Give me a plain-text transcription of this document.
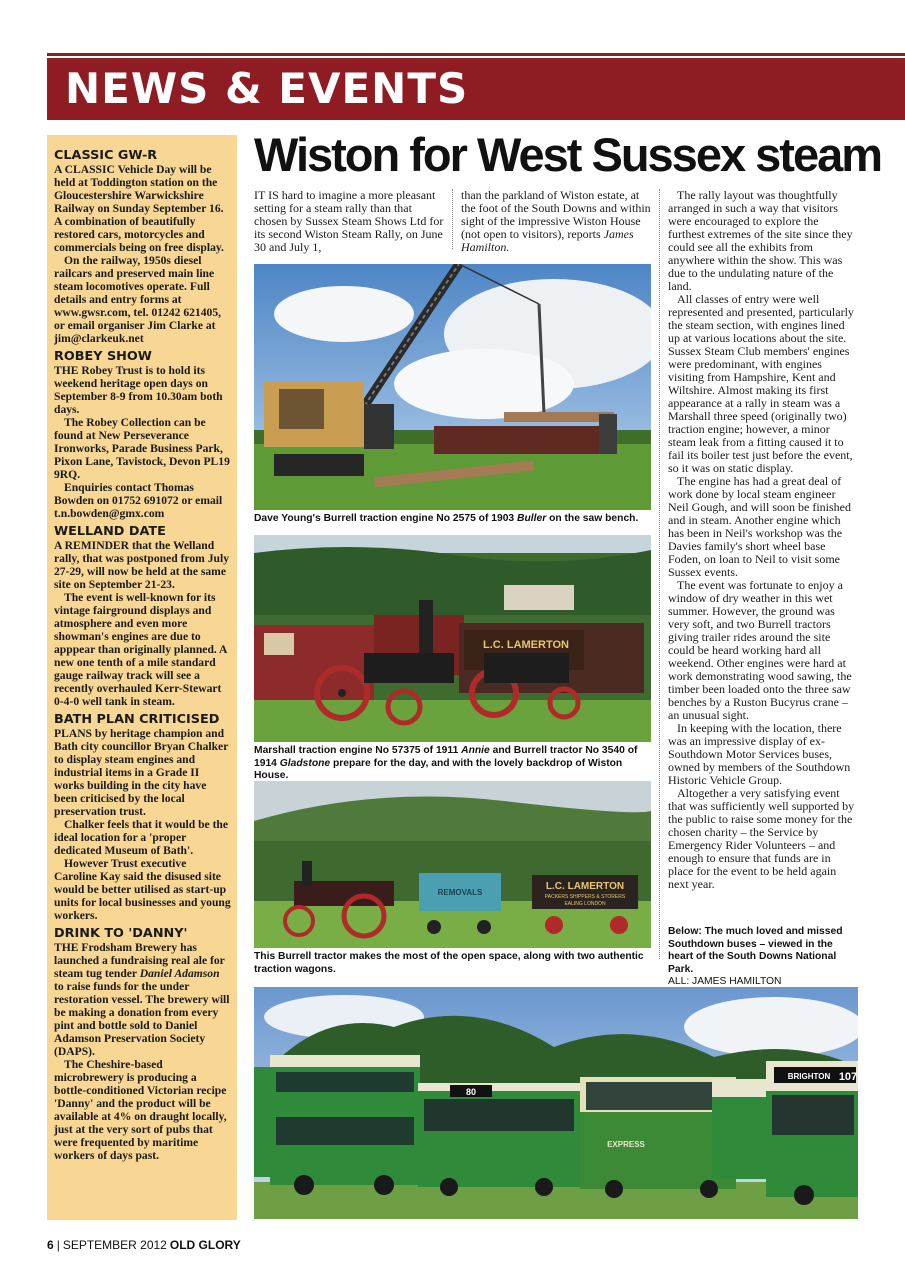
NEWS & EVENTS
CLASSIC GW-R

A CLASSIC Vehicle Day will be held at Toddington station on the Gloucestershire Warwickshire Railway on Sunday September 16.

A combination of beautifully restored cars, motorcycles and commercials being on free display.

On the railway, 1950s diesel railcars and preserved main line steam locomotives operate. Full details and entry forms at www.gwsr.com, tel. 01242 621405, or email organiser Jim Clarke at jim@clarkeuk.net

ROBEY SHOW

THE Robey Trust is to hold its weekend heritage open days on September 8-9 from 10.30am both days.

The Robey Collection can be found at New Perseverance Ironworks, Parade Business Park, Pixon Lane, Tavistock, Devon PL19 9RQ.

Enquiries contact Thomas Bowden on 01752 691072 or email t.n.bowden@gmx.com

WELLAND DATE

A REMINDER that the Welland rally, that was postponed from July 27-29, will now be held at the same site on September 21-23.

The event is well-known for its vintage fairground displays and atmosphere and even more showman's engines are due to apppear than originally planned. A new one tenth of a mile standard gauge railway track will see a recently overhauled Kerr-Stewart 0-4-0 well tank in steam.

BATH PLAN CRITICISED

PLANS by heritage champion and Bath city councillor Bryan Chalker to display steam engines and industrial items in a Grade II works building in the city have been criticised by the local preservation trust.

Chalker feels that it would be the ideal location for a 'proper dedicated Museum of Bath'.

However Trust executive Caroline Kay said the disused site would be better utilised as start-up units for local businesses and young workers.

DRINK TO 'DANNY'

THE Frodsham Brewery has launched a fundraising real ale for steam tug tender Daniel Adamson to raise funds for the under restoration vessel. The brewery will be making a donation from every pint and bottle sold to Daniel Adamson Preservation Society (DAPS).

The Cheshire-based microbrewery is producing a bottle-conditioned Victorian recipe 'Danny' and the product will be available at 4% on draught locally, just at the very sort of pubs that were frequented by maritime workers of days past.

Wiston for West Sussex steam
IT IS hard to imagine a more pleasant setting for a steam rally than that chosen by Sussex Steam Shows Ltd for its second Wiston Steam Rally, on June 30 and July 1,
than the parkland of Wiston estate, at the foot of the South Downs and within sight of the impressive Wiston House (not open to visitors), reports James Hamilton.

The rally layout was thoughtfully arranged in such a way that visitors were encouraged to explore the furthest extremes of the site since they could see all the exhibits from anywhere within the show. This was due to the undulating nature of the land.

All classes of entry were well represented and presented, particularly the steam section, with engines lined up at various locations about the site. Sussex Steam Club members' engines were predominant, with engines visiting from Hampshire, Kent and Wiltshire. Almost making its first appearance at a rally in steam was a Marshall three speed (originally two) traction engine; however, a minor steam leak from a fitting caused it to fail its boiler test just before the event, so it was on static display.

The engine has had a great deal of work done by local steam engineer Neil Gough, and will soon be finished and in steam. Another engine which has been in Neil's workshop was the Davies family's short wheel base Foden, on loan to Neil to visit some Sussex events.

The event was fortunate to enjoy a window of dry weather in this wet summer. However, the ground was very soft, and two Burrell tractors giving trailer rides around the site could be heard working hard all weekend. Other engines were hard at work demonstrating wood sawing, the timber been loaded onto the three saw benches by a Ruston Bucyrus crane – an unusual sight.

In keeping with the location, there was an impressive display of ex-Southdown Motor Services buses, owned by members of the Southdown Historic Vehicle Group.

Altogether a very satisfying event that was sufficiently well supported by the public to raise some money for the chosen charity – the Service by Emergency Rider Volunteers – and enough to ensure that funds are in place for the event to be held again next year.

Dave Young's Burrell traction engine No 2575 of 1903 Buller on the saw bench.
L.C. LAMERTON
Marshall traction engine No 57375 of 1911 Annie and Burrell tractor No 3540 of 1914 Gladstone prepare for the day, and with the lovely backdrop of Wiston House.
REMOVALS
L.C. LAMERTON
PACKERS SHIPPERS & STORERS
EALING LONDON
This Burrell tractor makes the most of the open space, along with two authentic traction wagons.
Below: The much loved and missed Southdown buses – viewed in the heart of the South Downs National Park.
ALL: JAMES HAMILTON
80
EXPRESS
BRIGHTON 107
6 | SEPTEMBER 2012 OLD GLORY
